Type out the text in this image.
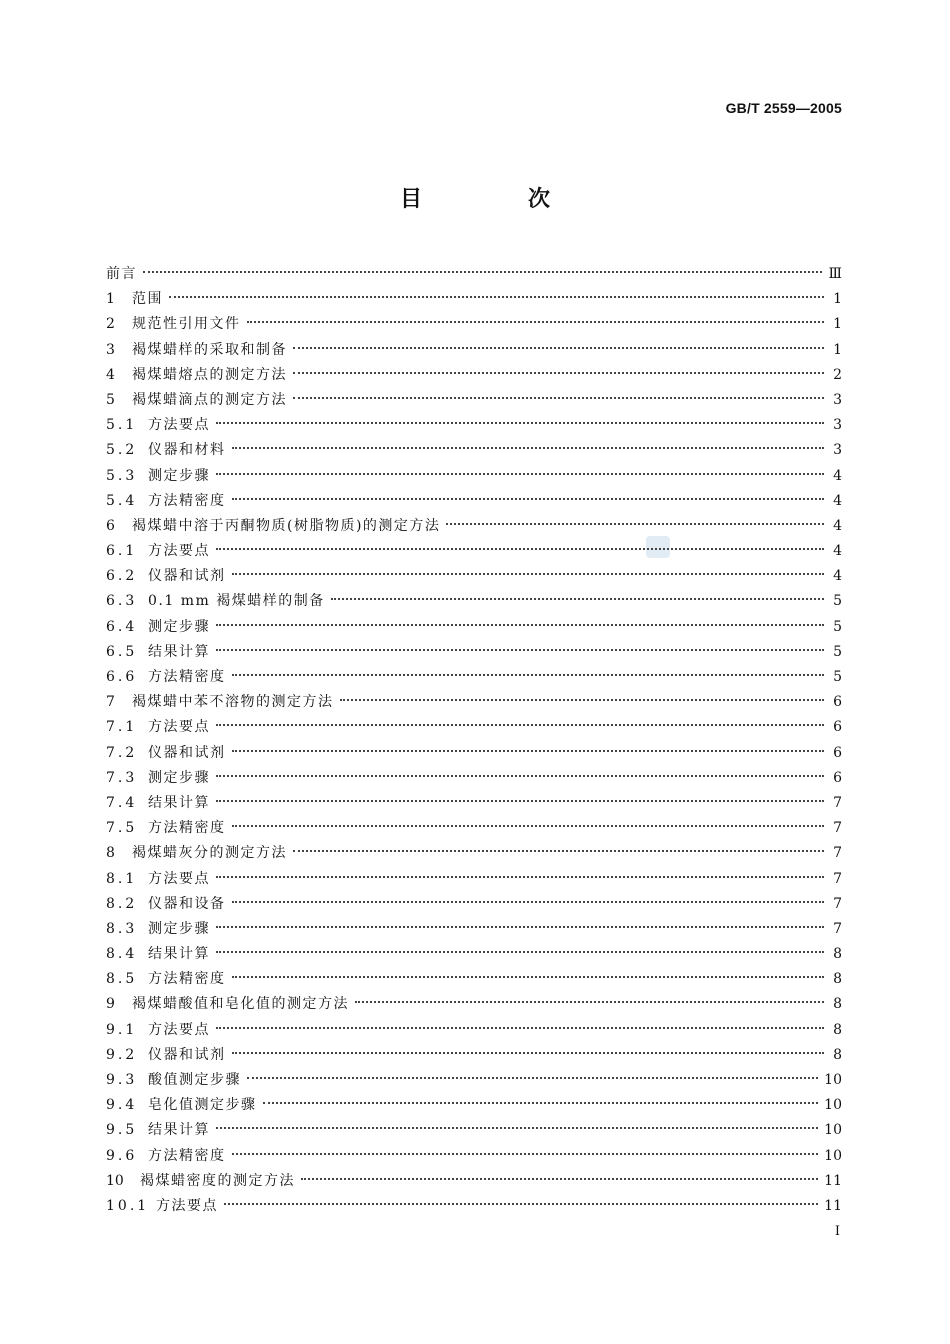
GB/T 2559—2005
目　次
前言	Ⅲ
1	范围	1
2	规范性引用文件	1
3	褐煤蜡样的采取和制备	1
4	褐煤蜡熔点的测定方法	2
5	褐煤蜡滴点的测定方法	3
5.1 方法要点	3
5.2 仪器和材料	3
5.3 测定步骤	4
5.4 方法精密度	4
6	褐煤蜡中溶于丙酮物质(树脂物质)的测定方法	4
6.1 方法要点	4
6.2 仪器和试剂	4
6.3 0.1 mm 褐煤蜡样的制备	5
6.4 测定步骤	5
6.5 结果计算	5
6.6 方法精密度	5
7	褐煤蜡中苯不溶物的测定方法	6
7.1 方法要点	6
7.2 仪器和试剂	6
7.3 测定步骤	6
7.4 结果计算	7
7.5 方法精密度	7
8	褐煤蜡灰分的测定方法	7
8.1 方法要点	7
8.2 仪器和设备	7
8.3 测定步骤	7
8.4 结果计算	8
8.5 方法精密度	8
9	褐煤蜡酸值和皂化值的测定方法	8
9.1 方法要点	8
9.2 仪器和试剂	8
9.3 酸值测定步骤	10
9.4 皂化值测定步骤	10
9.5 结果计算	10
9.6 方法精密度	10
10	褐煤蜡密度的测定方法	11
10.1 方法要点	11
I
